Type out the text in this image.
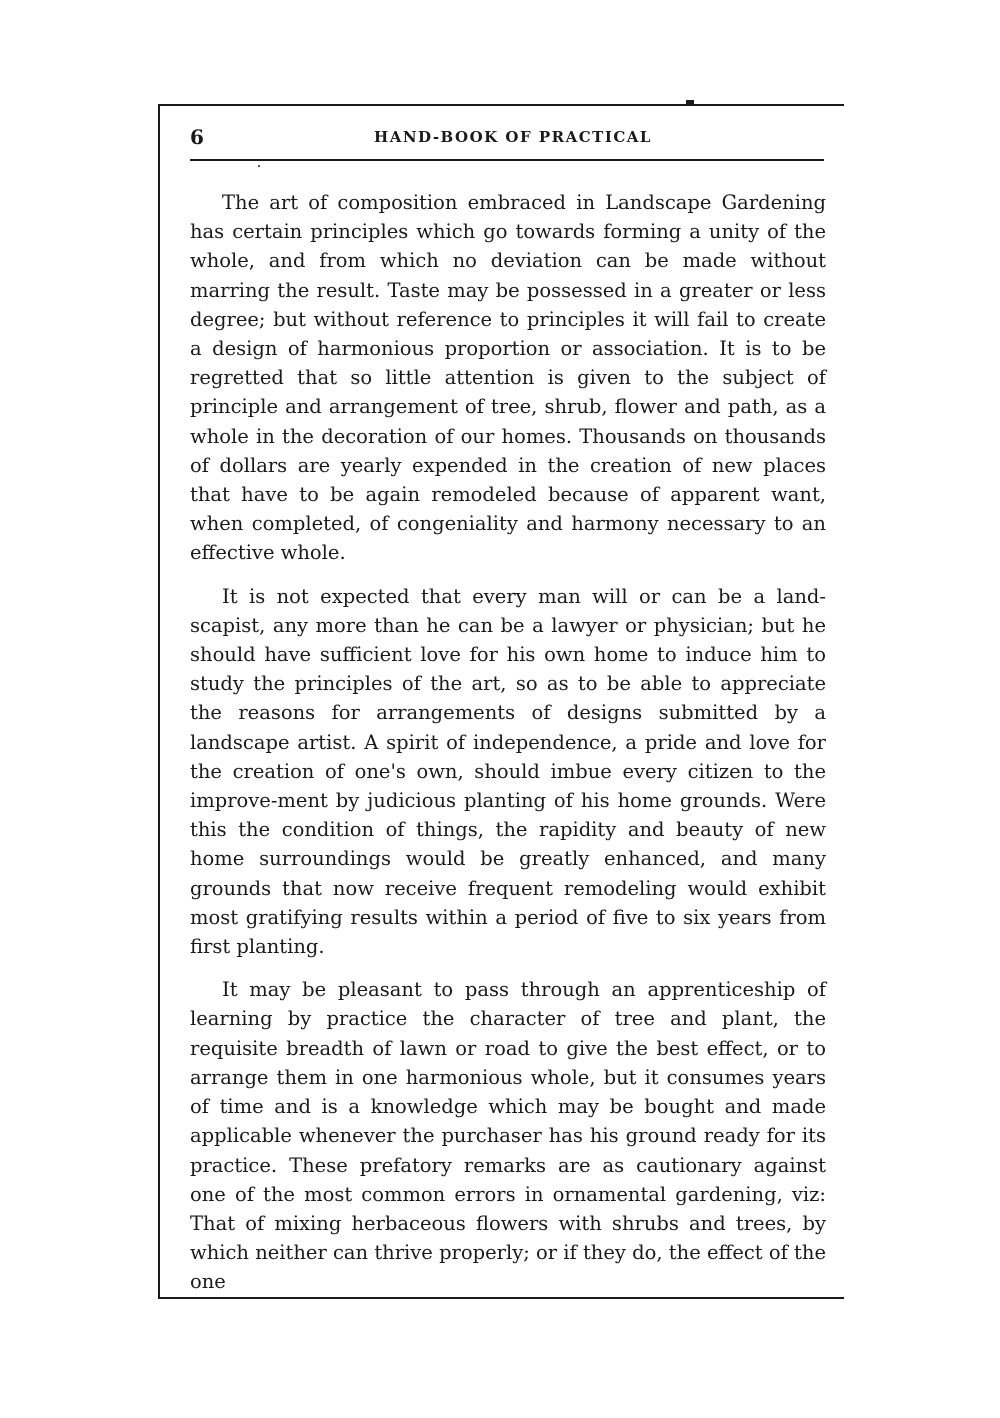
6	HAND-BOOK OF PRACTICAL

The art of composition embraced in Landscape Gardening has certain principles which go towards forming a unity of the whole, and from which no deviation can be made without marring the result. Taste may be possessed in a greater or less degree; but without reference to principles it will fail to create a design of harmonious proportion or association. It is to be regretted that so little attention is given to the subject of principle and arrangement of tree, shrub, flower and path, as a whole in the decoration of our homes. Thousands on thousands of dollars are yearly expended in the creation of new places that have to be again remodeled because of apparent want, when completed, of congeniality and harmony necessary to an effective whole.

It is not expected that every man will or can be a land-scapist, any more than he can be a lawyer or physician; but he should have sufficient love for his own home to induce him to study the principles of the art, so as to be able to appreciate the reasons for arrangements of designs submitted by a landscape artist. A spirit of independence, a pride and love for the creation of one's own, should imbue every citizen to the improve-ment by judicious planting of his home grounds. Were this the condition of things, the rapidity and beauty of new home surroundings would be greatly enhanced, and many grounds that now receive frequent remodeling would exhibit most gratifying results within a period of five to six years from first planting.

It may be pleasant to pass through an apprenticeship of learning by practice the character of tree and plant, the requisite breadth of lawn or road to give the best effect, or to arrange them in one harmonious whole, but it consumes years of time and is a knowledge which may be bought and made applicable whenever the purchaser has his ground ready for its practice. These prefatory remarks are as cautionary against one of the most common errors in ornamental gardening, viz: That of mixing herbaceous flowers with shrubs and trees, by which neither can thrive properly; or if they do, the effect of the one
